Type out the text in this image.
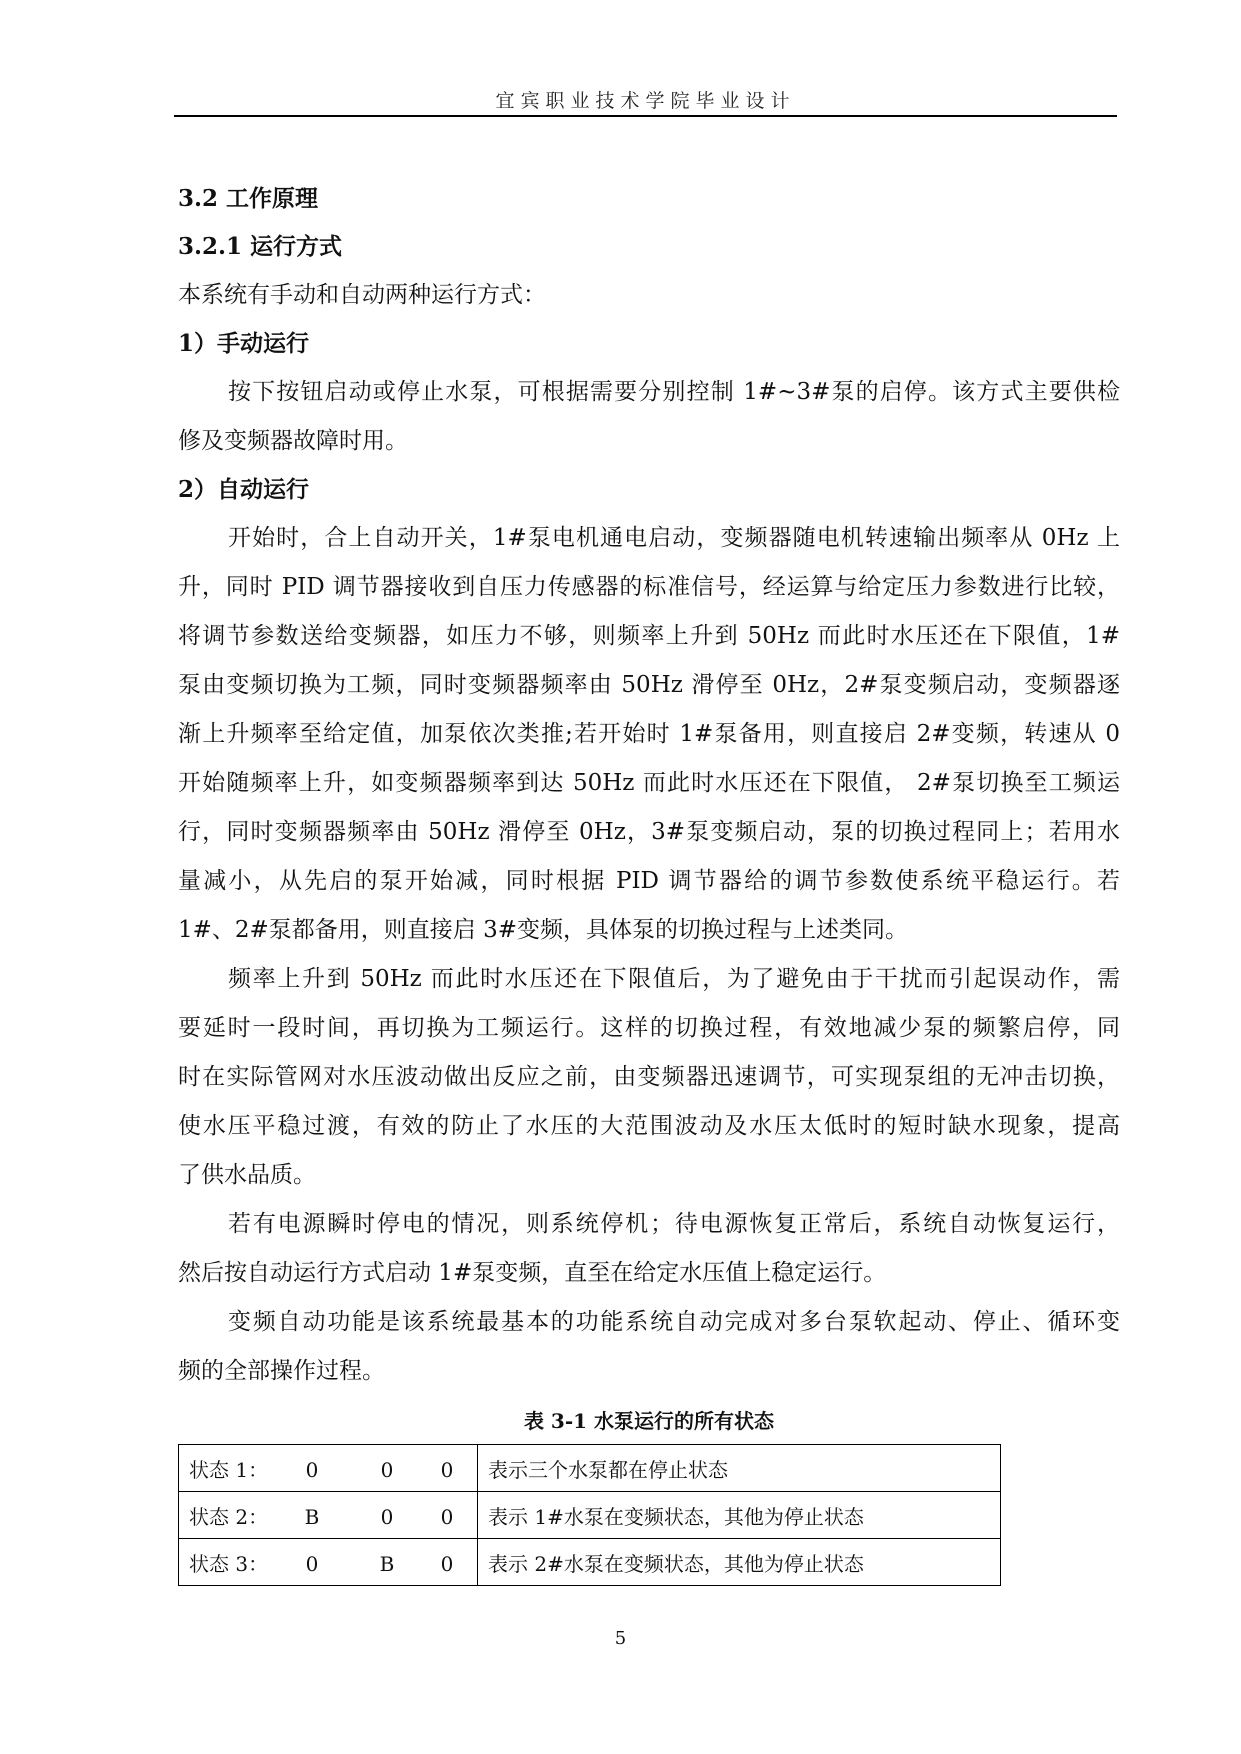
宜宾职业技术学院毕业设计
3.2 工作原理
3.2.1 运行方式
本系统有手动和自动两种运行方式：
1）手动运行
按下按钮启动或停止水泵，可根据需要分别控制 1#~3#泵的启停。该方式主要供检
修及变频器故障时用。
2）自动运行
开始时，合上自动开关，1#泵电机通电启动，变频器随电机转速输出频率从 0Hz 上
升，同时 PID 调节器接收到自压力传感器的标准信号，经运算与给定压力参数进行比较，
将调节参数送给变频器，如压力不够，则频率上升到 50Hz 而此时水压还在下限值，1#
泵由变频切换为工频，同时变频器频率由 50Hz 滑停至 0Hz，2#泵变频启动，变频器逐
渐上升频率至给定值，加泵依次类推;若开始时 1#泵备用，则直接启 2#变频，转速从 0
开始随频率上升，如变频器频率到达 50Hz 而此时水压还在下限值， 2#泵切换至工频运
行，同时变频器频率由 50Hz 滑停至 0Hz，3#泵变频启动，泵的切换过程同上；若用水
量减小，从先启的泵开始减，同时根据 PID 调节器给的调节参数使系统平稳运行。若
1#、2#泵都备用，则直接启 3#变频，具体泵的切换过程与上述类同。
频率上升到 50Hz 而此时水压还在下限值后，为了避免由于干扰而引起误动作，需
要延时一段时间，再切换为工频运行。这样的切换过程，有效地减少泵的频繁启停，同
时在实际管网对水压波动做出反应之前，由变频器迅速调节，可实现泵组的无冲击切换，
使水压平稳过渡，有效的防止了水压的大范围波动及水压太低时的短时缺水现象，提高
了供水品质。
若有电源瞬时停电的情况，则系统停机；待电源恢复正常后，系统自动恢复运行，
然后按自动运行方式启动 1#泵变频，直至在给定水压值上稳定运行。
变频自动功能是该系统最基本的功能系统自动完成对多台泵软起动、停止、循环变
频的全部操作过程。
表 3-1 水泵运行的所有状态
状态 1： 0 0 0	表示三个水泵都在停止状态
状态 2： B 0 0	表示 1#水泵在变频状态，其他为停止状态
状态 3： 0 B 0	表示 2#水泵在变频状态，其他为停止状态
5
